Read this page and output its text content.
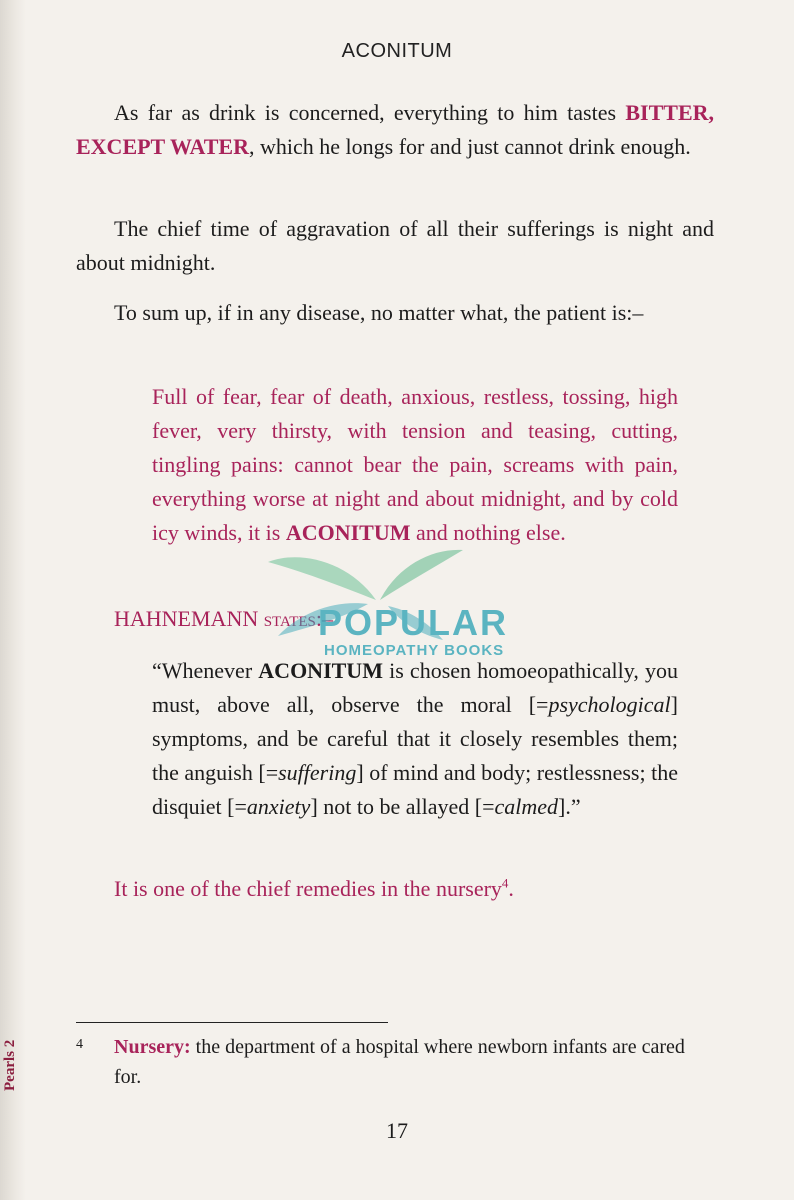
ACONITUM

As far as drink is concerned, everything to him tastes BITTER, EXCEPT WATER, which he longs for and just cannot drink enough.

The chief time of aggravation of all their sufferings is night and about midnight.

To sum up, if in any disease, no matter what, the patient is:–

Full of fear, fear of death, anxious, restless, tossing, high fever, very thirsty, with tension and teasing, cutting, tingling pains: cannot bear the pain, screams with pain, everything worse at night and about midnight, and by cold icy winds, it is ACONITUM and nothing else.
HAHNEMANN states:–
“Whenever ACONITUM is chosen homoeopathically, you must, above all, observe the moral [=psychological] symptoms, and be careful that it closely resembles them; the anguish [=suffering] of mind and body; restlessness; the disquiet [=anxiety] not to be allayed [=calmed].”
It is one of the chief remedies in the nursery$^4$.
POPULAR
HOMEOPATHY BOOKS
4 Nursery: the department of a hospital where newborn infants are cared for.
17
Pearls 2
